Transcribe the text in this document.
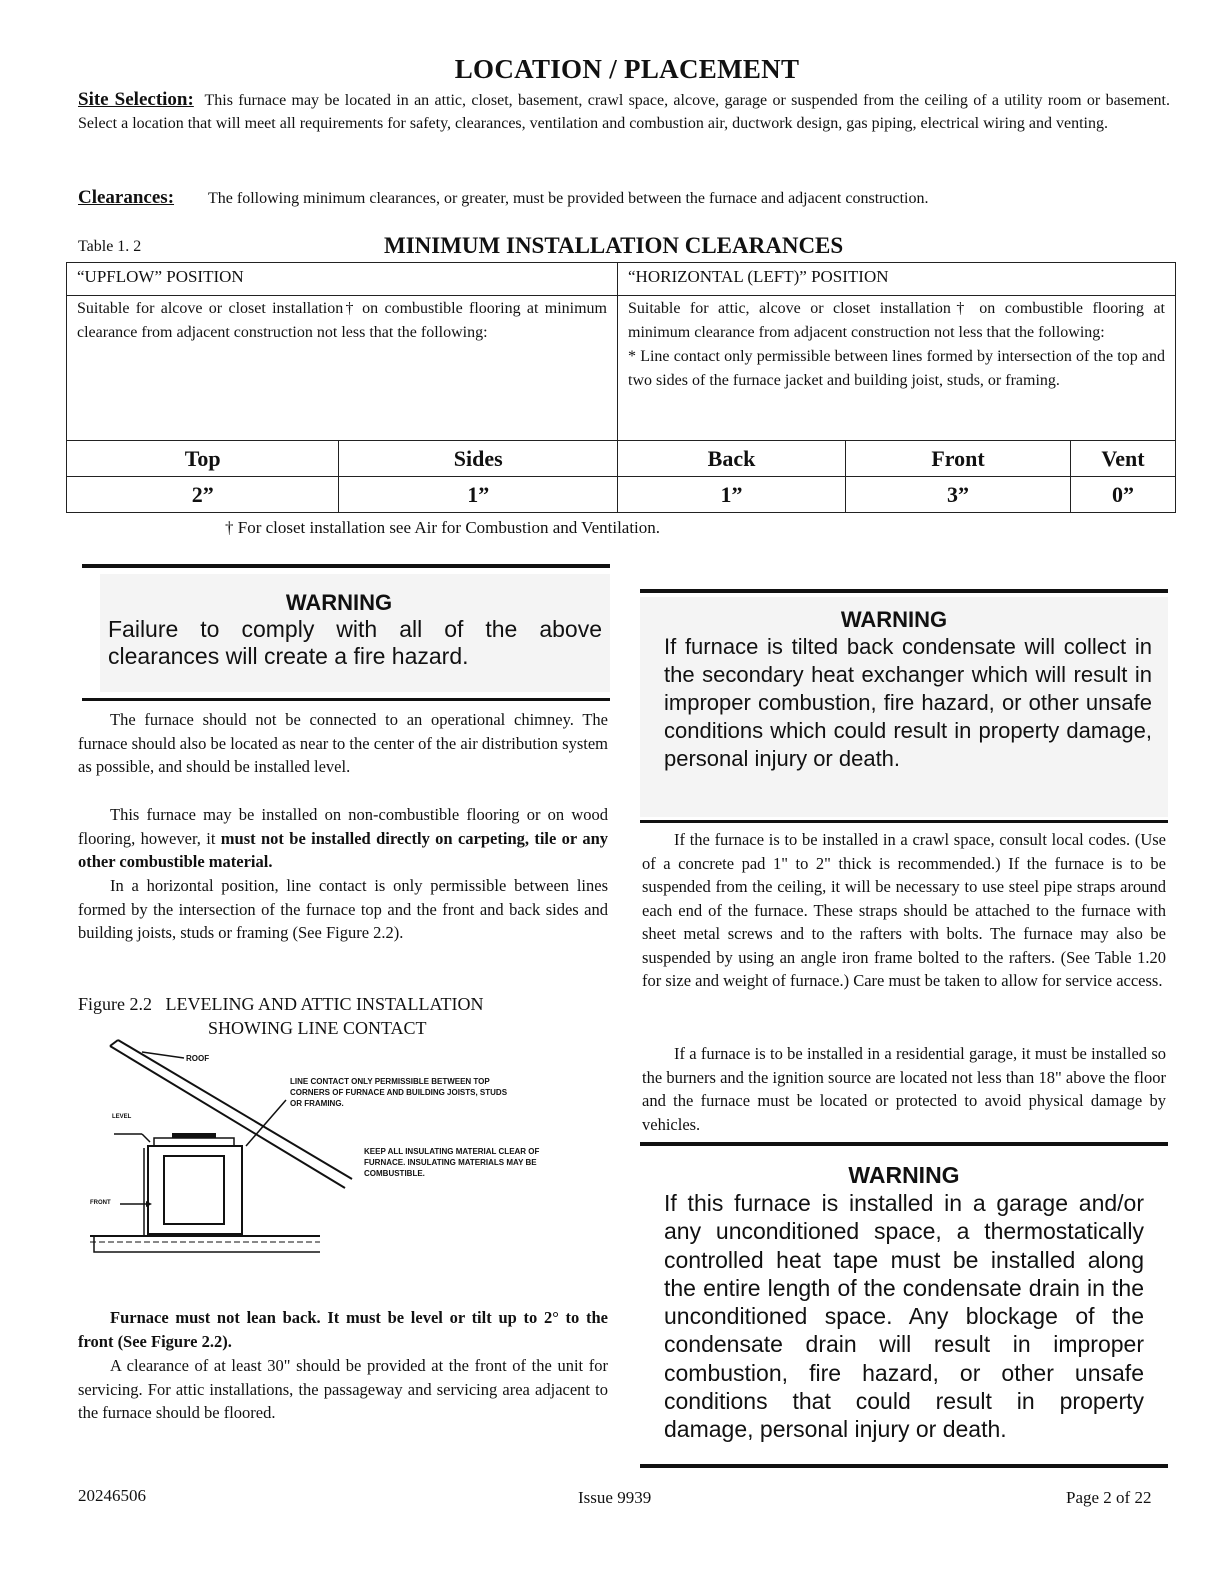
LOCATION / PLACEMENT
Site Selection: This furnace may be located in an attic, closet, basement, crawl space, alcove, garage or suspended from the ceiling of a utility room or basement. Select a location that will meet all requirements for safety, clearances, ventilation and combustion air, ductwork design, gas piping, electrical wiring and venting.
Clearances: The following minimum clearances, or greater, must be provided between the furnace and adjacent construction.
Table 1. 2	MINIMUM INSTALLATION CLEARANCES
“UPFLOW” POSITION		“HORIZONTAL (LEFT)” POSITION		

Suitable for alcove or closet installation† on combustible flooring at minimum clearance from adjacent construction not less that the following:		Suitable for attic, alcove or closet installation† on combustible flooring at minimum clearance from adjacent construction not less that the following:
* Line contact only permissible between lines formed by intersection of the top and two sides of the furnace jacket and building joist, studs, or framing.		

Top	Sides	Back	Front	Vent
2”	1”	1”	3”	0”
† For closet installation see Air for Combustion and Ventilation.
WARNING
Failure to comply with all of the above clearances will create a fire hazard.
The furnace should not be connected to an operational chimney. The furnace should also be located as near to the center of the air distribution system as possible, and should be installed level.
This furnace may be installed on non-combustible flooring or on wood flooring, however, it must not be installed directly on carpeting, tile or any other combustible material.
In a horizontal position, line contact is only permissible between lines formed by the intersection of the furnace top and the front and back sides and building joists, studs or framing (See Figure 2.2).
Figure 2.2   LEVELING AND ATTIC INSTALLATION
SHOWING LINE CONTACT
ROOF
LEVEL
FRONT
LINE CONTACT ONLY PERMISSIBLE BETWEEN TOP CORNERS OF FURNACE AND BUILDING JOISTS, STUDS OR FRAMING.
KEEP ALL INSULATING MATERIAL CLEAR OF FURNACE. INSULATING MATERIALS MAY BE COMBUSTIBLE.
Furnace must not lean back. It must be level or tilt up to 2° to the front (See Figure 2.2).
A clearance of at least 30" should be provided at the front of the unit for servicing. For attic installations, the passageway and servicing area adjacent to the furnace should be floored.
WARNING
If furnace is tilted back condensate will collect in the secondary heat exchanger which will result in improper combustion, fire hazard, or other unsafe conditions which could result in property damage, personal injury or death.
If the furnace is to be installed in a crawl space, consult local codes. (Use of a concrete pad 1" to 2" thick is recommended.) If the furnace is to be suspended from the ceiling, it will be necessary to use steel pipe straps around each end of the furnace. These straps should be attached to the furnace with sheet metal screws and to the rafters with bolts. The furnace may also be suspended by using an angle iron frame bolted to the rafters. (See Table 1.20 for size and weight of furnace.) Care must be taken to allow for service access.
If a furnace is to be installed in a residential garage, it must be installed so the burners and the ignition source are located not less than 18" above the floor and the furnace must be located or protected to avoid physical damage by vehicles.
WARNING
If this furnace is installed in a garage and/or any unconditioned space, a thermostatically controlled heat tape must be installed along the entire length of the condensate drain in the unconditioned space. Any blockage of the condensate drain will result in improper combustion, fire hazard, or other unsafe conditions that could result in property damage, personal injury or death.
20246506	Issue 9939	Page 2 of 22
